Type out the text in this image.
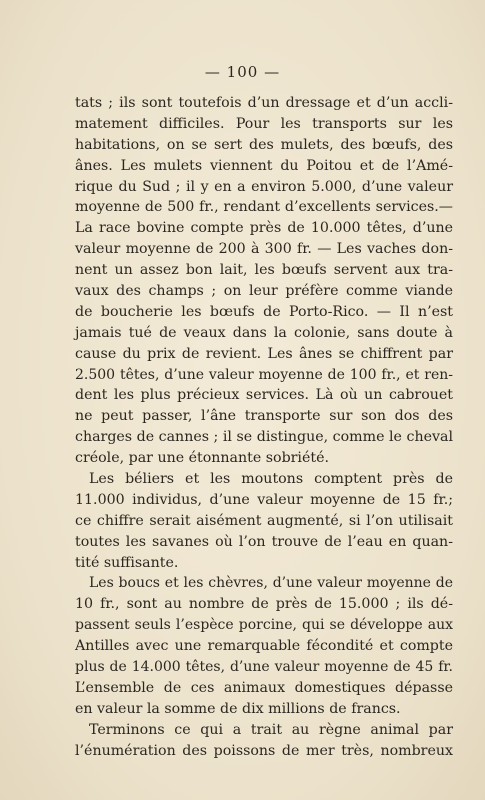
— 100 —
tats ; ils sont toutefois d’un dressage et d’un accli-
matement difficiles. Pour les transports sur les
habitations, on se sert des mulets, des bœufs, des
ânes. Les mulets viennent du Poitou et de l’Amé-
rique du Sud ; il y en a environ 5.000, d’une valeur
moyenne de 500 fr., rendant d’excellents services.—
La race bovine compte près de 10.000 têtes, d’une
valeur moyenne de 200 à 300 fr. — Les vaches don-
nent un assez bon lait, les bœufs servent aux tra-
vaux des champs ; on leur préfère comme viande
de boucherie les bœufs de Porto-Rico. — Il n’est
jamais tué de veaux dans la colonie, sans doute à
cause du prix de revient. Les ânes se chiffrent par
2.500 têtes, d’une valeur moyenne de 100 fr., et ren-
dent les plus précieux services. Là où un cabrouet
ne peut passer, l’âne transporte sur son dos des
charges de cannes ; il se distingue, comme le cheval
créole, par une étonnante sobriété.
Les béliers et les moutons comptent près de
11.000 individus, d’une valeur moyenne de 15 fr.;
ce chiffre serait aisément augmenté, si l’on utilisait
toutes les savanes où l’on trouve de l’eau en quan-
tité suffisante.
Les boucs et les chèvres, d’une valeur moyenne de
10 fr., sont au nombre de près de 15.000 ; ils dé-
passent seuls l’espèce porcine, qui se développe aux
Antilles avec une remarquable fécondité et compte
plus de 14.000 têtes, d’une valeur moyenne de 45 fr.
L’ensemble de ces animaux domestiques dépasse
en valeur la somme de dix millions de francs.
Terminons ce qui a trait au règne animal par
l’énumération des poissons de mer très, nombreux
